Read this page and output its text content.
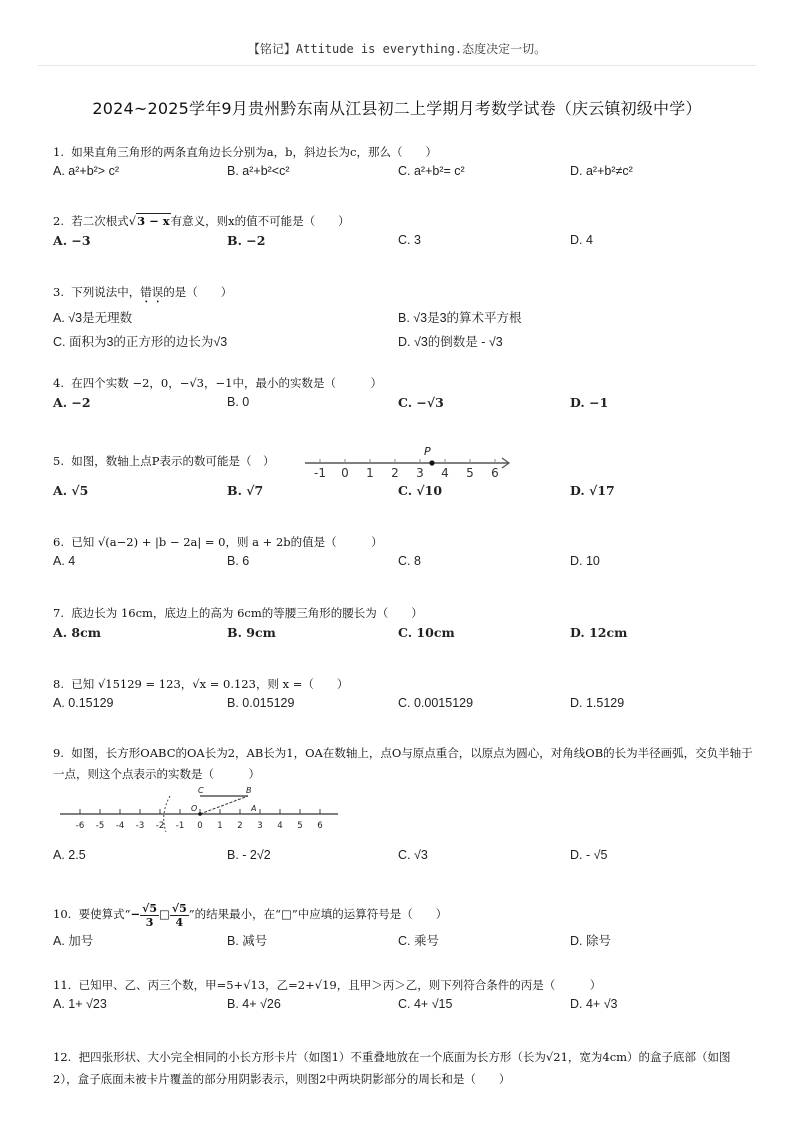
【铭记】Attitude is everything.态度决定一切。
2024~2025学年9月贵州黔东南从江县初二上学期月考数学试卷（庆云镇初级中学）
1. 如果直角三角形的两条直角边长分别为a，b，斜边长为c，那么（　　）
A. a²+b²> c²	B. a²+b²<c²	C. a²+b²= c²	D. a²+b²≠c²
2. 若二次根式√3 − x有意义，则x的值不可能是（　　）
A. −3	B. −2	C. 3	D. 4
3. 下列说法中，错误的是（　　）
A. √3是无理数	B. √3是3的算术平方根
C. 面积为3的正方形的边长为√3	D. √3的倒数是 - √3
4. 在四个实数 −2，0，−√3，−1中，最小的实数是（　　　）
A. −2	B. 0	C. −√3	D. −1
5. 如图，数轴上点P表示的数可能是（　）
A. √5	B. √7	C. √10	D. √17
P
-1 0 1 2 3 4 5 6
6. 已知 √(a−2) + |b − 2a| = 0，则 a + 2b的值是（　　　）
A. 4	B. 6	C. 8	D. 10
7. 底边长为 16cm，底边上的高为 6cm的等腰三角形的腰长为（　　）
A. 8cm	B. 9cm	C. 10cm	D. 12cm
8. 已知 √15129 = 123，√x = 0.123，则 x =（　　）
A. 0.15129	B. 0.015129	C. 0.0015129	D. 1.5129
9. 如图，长方形OABC的OA长为2，AB长为1，OA在数轴上，点O与原点重合，以原点为圆心，对角线OB的长为半径画弧，交负半轴于一点，则这个点表示的实数是（　　　）
C	B
O	A
-6 -5 -4 -3 -2 -1 0 1 2 3 4 5 6
A. 2.5	B. - 2√2	C. √3	D. - √5
10. 要使算式“− $\frac{√5}{3}$ □ $\frac{√5}{4}$ ”的结果最小，在“□”中应填的运算符号是（　　）
A. 加号	B. 减号	C. 乘号	D. 除号
11. 已知甲、乙、丙三个数，甲=5+√13，乙=2+√19，且甲＞丙＞乙，则下列符合条件的丙是（　　　）
A. 1+ √23	B. 4+ √26	C. 4+ √15	D. 4+ √3
12. 把四张形状、大小完全相同的小长方形卡片（如图1）不重叠地放在一个底面为长方形（长为√21，宽为4cm）的盒子底部（如图2），盒子底面未被卡片覆盖的部分用阴影表示，则图2中两块阴影部分的周长和是（　　）
